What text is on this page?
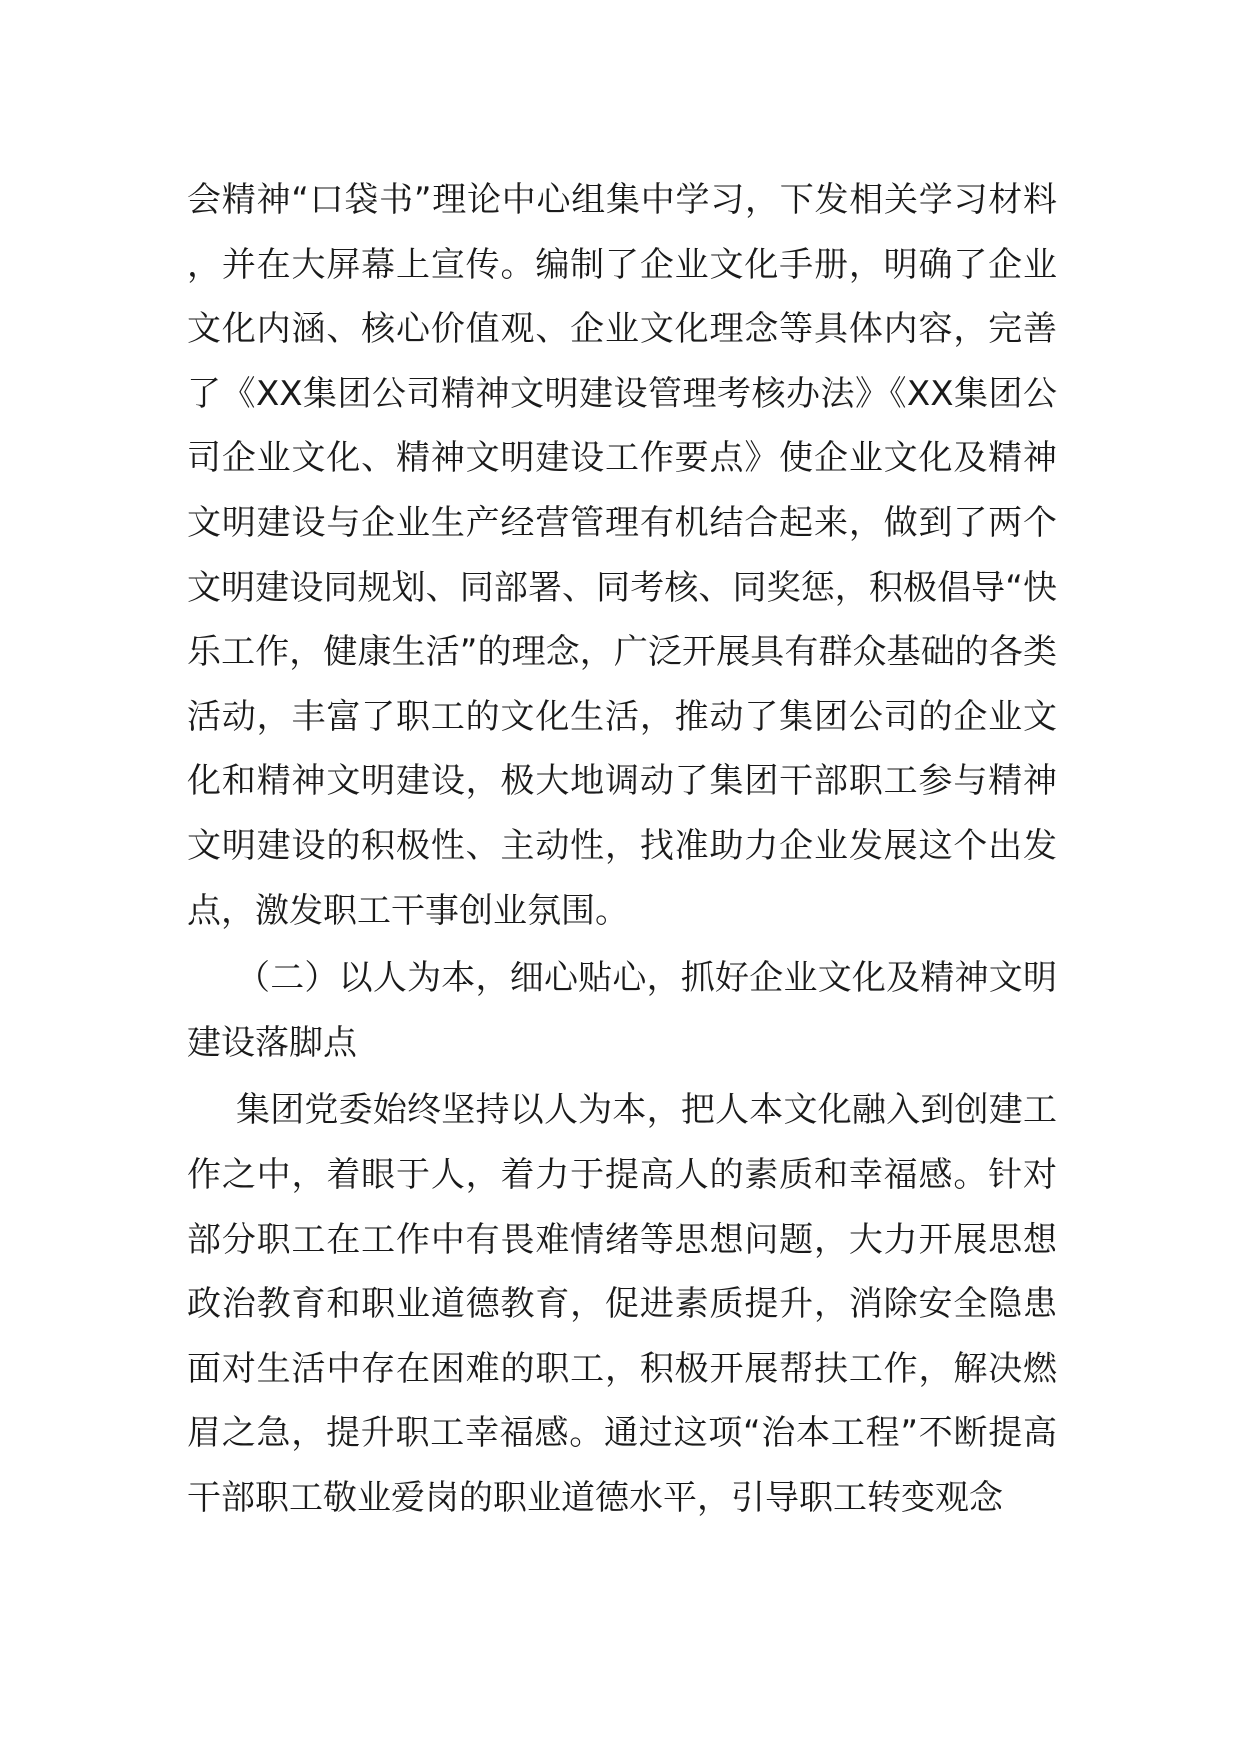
会精神“口袋书”理论中心组集中学习，下发相关学习材料，并在大屏幕上宣传。编制了企业文化手册，明确了企业文化内涵、核心价值观、企业文化理念等具体内容，完善了《XX集团公司精神文明建设管理考核办法》《XX集团公司企业文化、精神文明建设工作要点》使企业文化及精神文明建设与企业生产经营管理有机结合起来，做到了两个文明建设同规划、同部署、同考核、同奖惩，积极倡导“快乐工作，健康生活”的理念，广泛开展具有群众基础的各类活动，丰富了职工的文化生活，推动了集团公司的企业文化和精神文明建设，极大地调动了集团干部职工参与精神文明建设的积极性、主动性，找准助力企业发展这个出发点，激发职工干事创业氛围。

（二）以人为本，细心贴心，抓好企业文化及精神文明建设落脚点

集团党委始终坚持以人为本，把人本文化融入到创建工作之中，着眼于人，着力于提高人的素质和幸福感。针对部分职工在工作中有畏难情绪等思想问题，大力开展思想政治教育和职业道德教育，促进素质提升，消除安全隐患面对生活中存在困难的职工，积极开展帮扶工作，解决燃眉之急，提升职工幸福感。通过这项“治本工程”不断提高干部职工敬业爱岗的职业道德水平，引导职工转变观念
